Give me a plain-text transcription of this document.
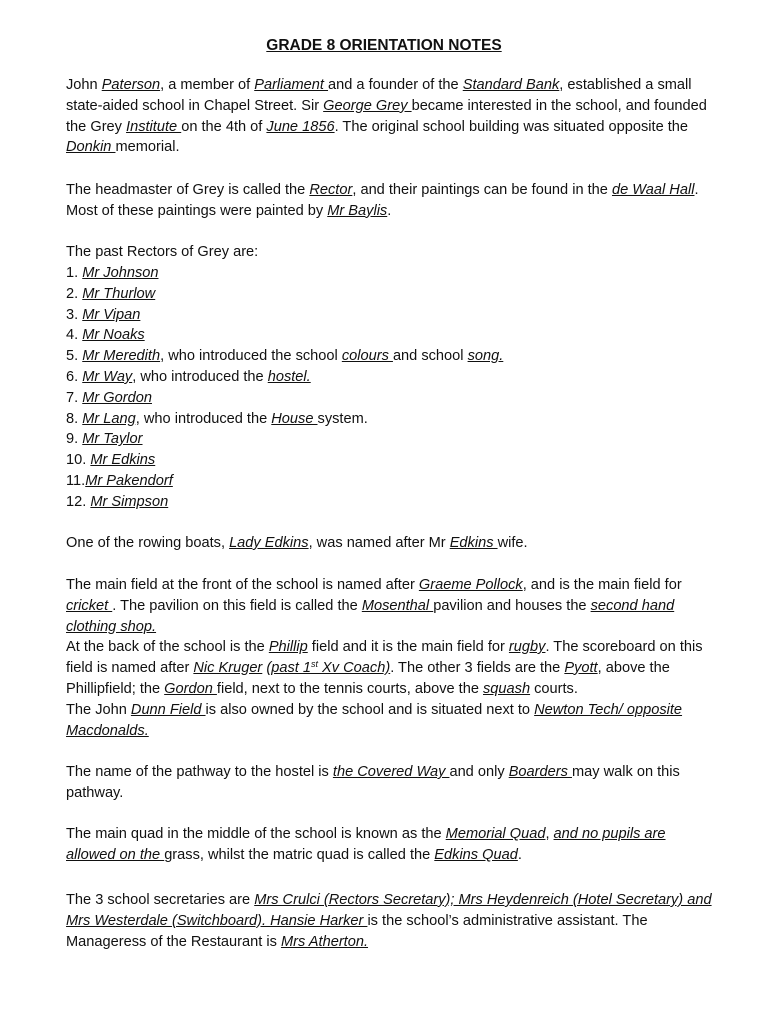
GRADE 8 ORIENTATION NOTES

John Paterson, a member of Parliament and a founder of the Standard Bank, established a small state-aided school in Chapel Street. Sir George Grey became interested in the school, and founded the Grey Institute on the 4th of June 1856. The original school building was situated opposite the Donkin memorial.

The headmaster of Grey is called the Rector, and their paintings can be found in the de Waal Hall. Most of these paintings were painted by Mr Baylis.

The past Rectors of Grey are:

1. Mr Johnson
2. Mr Thurlow
3. Mr Vipan
4. Mr Noaks
5. Mr Meredith, who introduced the school colours and school song.
6. Mr Way, who introduced the hostel.
7. Mr Gordon
8. Mr Lang, who introduced the House system.
9. Mr Taylor
10. Mr Edkins
11.Mr Pakendorf
12. Mr Simpson

One of the rowing boats, Lady Edkins, was named after Mr Edkins wife.

The main field at the front of the school is named after Graeme Pollock, and is the main field for cricket . The pavilion on this field is called the Mosenthal pavilion and houses the second hand clothing shop.

At the back of the school is the Phillip field and it is the main field for rugby. The scoreboard on this field is named after Nic Kruger (past 1st Xv Coach). The other 3 fields are the Pyott, above the Phillipfield; the Gordon field, next to the tennis courts, above the squash courts.

The John Dunn Field is also owned by the school and is situated next to Newton Tech/ opposite Macdonalds.

The name of the pathway to the hostel is the Covered Way and only Boarders may walk on this pathway.

The main quad in the middle of the school is known as the Memorial Quad, and no pupils are allowed on the grass, whilst the matric quad is called the Edkins Quad.

The 3 school secretaries are Mrs Crulci (Rectors Secretary); Mrs Heydenreich (Hotel Secretary) and Mrs Westerdale (Switchboard). Hansie Harker is the school’s administrative assistant. The Manageress of the Restaurant is Mrs Atherton.
